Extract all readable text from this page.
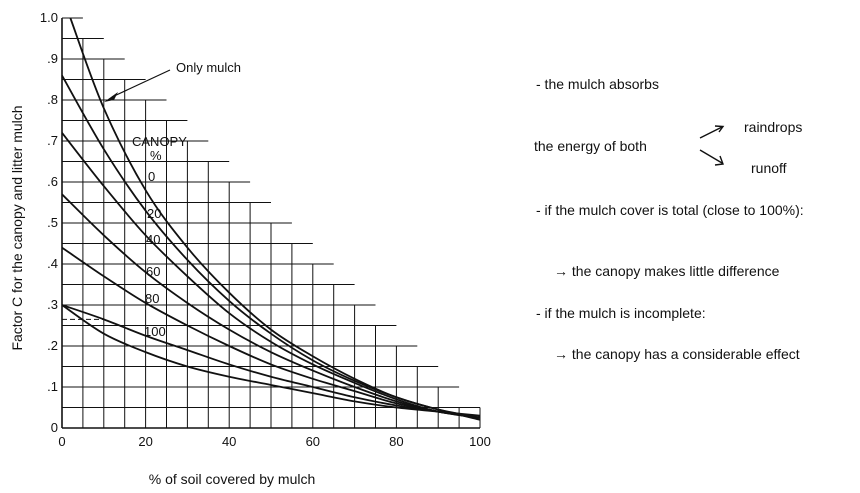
0	20	40	60	80	100
0
.1
.2
.3
.4
.5
.6
.7
.8
.9
1.0
Only mulch
CANOPY
%
0
20
40
60
80
100
% of soil covered by mulch
Factor C for the canopy and litter mulch
- the mulch absorbs
the energy of both
raindrops
runoff
- if the mulch cover is total (close to 100%):
→ the canopy makes little difference
- if the mulch is incomplete:
→ the canopy has a considerable effect
